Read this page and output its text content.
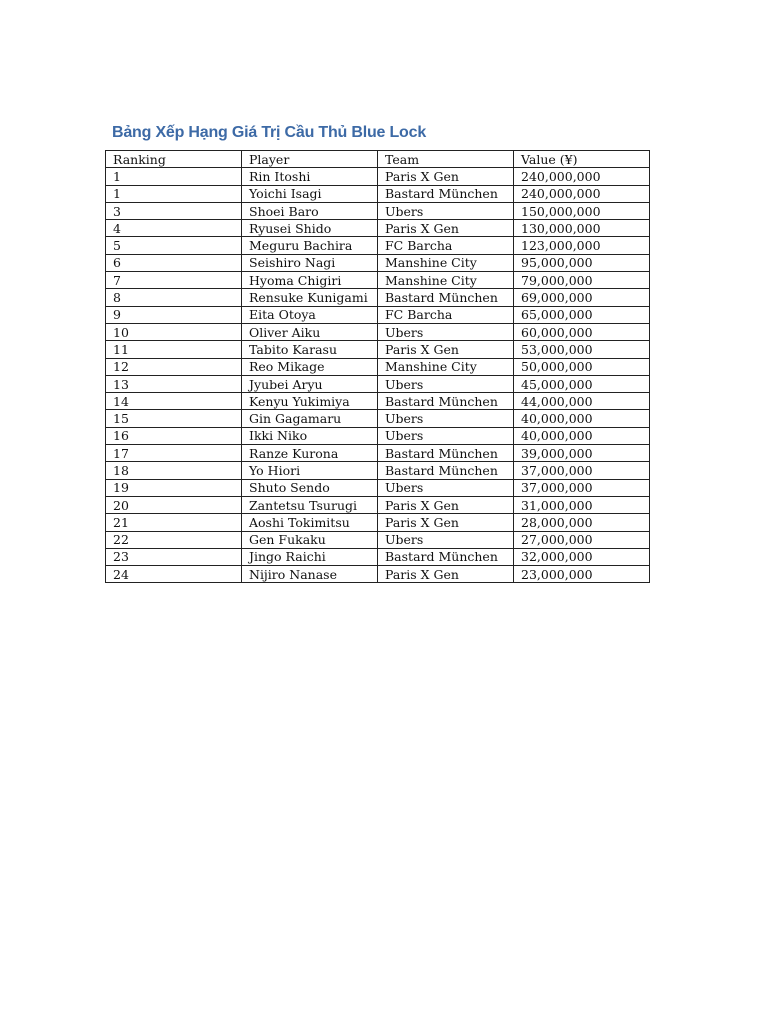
Bảng Xếp Hạng Giá Trị Cầu Thủ Blue Lock
Ranking	Player	Team	Value (¥)
1	Rin Itoshi	Paris X Gen	240,000,000
1	Yoichi Isagi	Bastard München	240,000,000
3	Shoei Baro	Ubers	150,000,000
4	Ryusei Shido	Paris X Gen	130,000,000
5	Meguru Bachira	FC Barcha	123,000,000
6	Seishiro Nagi	Manshine City	95,000,000
7	Hyoma Chigiri	Manshine City	79,000,000
8	Rensuke Kunigami	Bastard München	69,000,000
9	Eita Otoya	FC Barcha	65,000,000
10	Oliver Aiku	Ubers	60,000,000
11	Tabito Karasu	Paris X Gen	53,000,000
12	Reo Mikage	Manshine City	50,000,000
13	Jyubei Aryu	Ubers	45,000,000
14	Kenyu Yukimiya	Bastard München	44,000,000
15	Gin Gagamaru	Ubers	40,000,000
16	Ikki Niko	Ubers	40,000,000
17	Ranze Kurona	Bastard München	39,000,000
18	Yo Hiori	Bastard München	37,000,000
19	Shuto Sendo	Ubers	37,000,000
20	Zantetsu Tsurugi	Paris X Gen	31,000,000
21	Aoshi Tokimitsu	Paris X Gen	28,000,000
22	Gen Fukaku	Ubers	27,000,000
23	Jingo Raichi	Bastard München	32,000,000
24	Nijiro Nanase	Paris X Gen	23,000,000
